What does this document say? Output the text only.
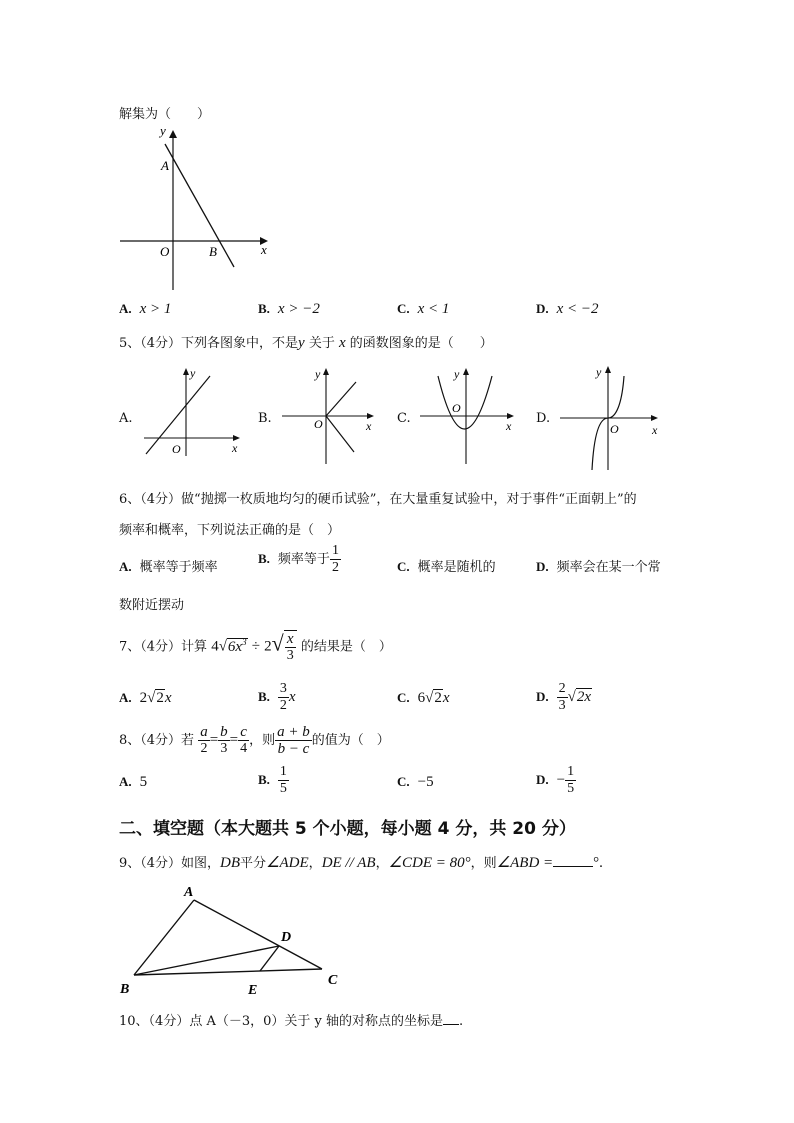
解集为（　　）
y
A
O	B	x
A. x > 1	B. x > −2	C. x < 1	D. x < −2
5、（4分）下列各图象中，不是y 关于 x 的函数图象的是（　　）
A.
y
O	x
B.
y
O	x C.
y
O
x D.
y
O	x
6、（4分）做“抛掷一枚质地均匀的硬币试验”，在大量重复试验中，对于事件“正面朝上”的
频率和概率，下列说法正确的是（　）
A. 概率等于频率
B. 频率等于 $\frac{1}{2}$	C. 概率是随机的	D. 频率会在某一个常
数附近摆动
7、（4分）计算 $4√6x^3 \div 2√ \frac{x}{3}$ 的结果是（　）
A. 2√2x	B. $\frac{3}{2}$ x	C. 6√2x	D. $\frac{2}{3} √2x$
8、（4分）若 $\frac{a}{2} = \frac{b}{3} = \frac{c}{4}$ ，则 $\frac{a + b}{b - c}$ 的值为（　）
A. 5	B. $\frac{1}{5}$	C. −5	D. − $\frac{1}{5}$
二、填空题（本大题共 5 个小题，每小题 4 分，共 20 分）
9、（4分）如图，DB平分∠ADE，DE // AB，∠CDE = 80°，则∠ABD =	°.
A
B
C
D
E
10、（4分）点 A（－3，0）关于 y 轴的对称点的坐标是 .
